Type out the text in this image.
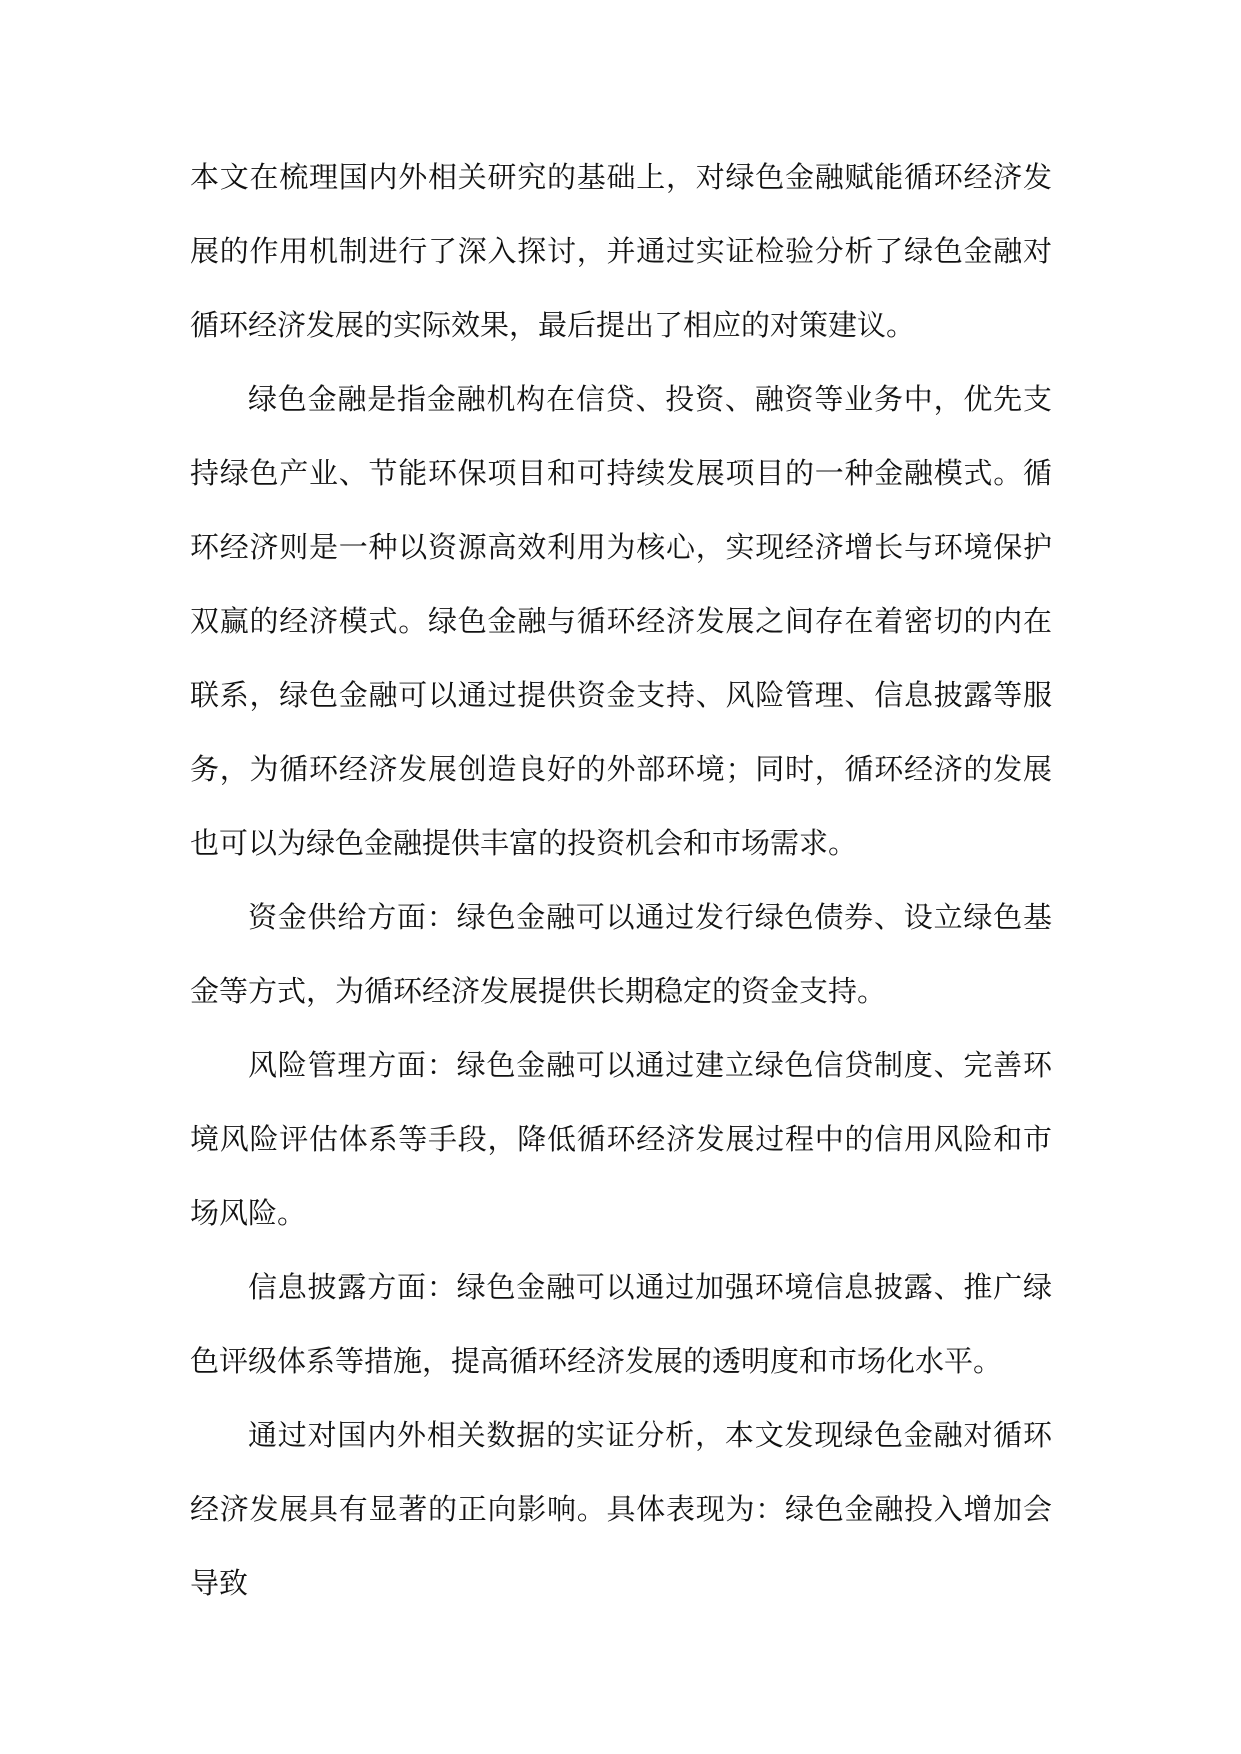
本文在梳理国内外相关研究的基础上，对绿色金融赋能循环经济发展的作用机制进行了深入探讨，并通过实证检验分析了绿色金融对循环经济发展的实际效果，最后提出了相应的对策建议。

绿色金融是指金融机构在信贷、投资、融资等业务中，优先支持绿色产业、节能环保项目和可持续发展项目的一种金融模式。循环经济则是一种以资源高效利用为核心，实现经济增长与环境保护双赢的经济模式。绿色金融与循环经济发展之间存在着密切的内在联系，绿色金融可以通过提供资金支持、风险管理、信息披露等服务，为循环经济发展创造良好的外部环境；同时，循环经济的发展也可以为绿色金融提供丰富的投资机会和市场需求。

资金供给方面：绿色金融可以通过发行绿色债券、设立绿色基金等方式，为循环经济发展提供长期稳定的资金支持。

风险管理方面：绿色金融可以通过建立绿色信贷制度、完善环境风险评估体系等手段，降低循环经济发展过程中的信用风险和市场风险。

信息披露方面：绿色金融可以通过加强环境信息披露、推广绿色评级体系等措施，提高循环经济发展的透明度和市场化水平。

通过对国内外相关数据的实证分析，本文发现绿色金融对循环经济发展具有显著的正向影响。具体表现为：绿色金融投入增加会导致
